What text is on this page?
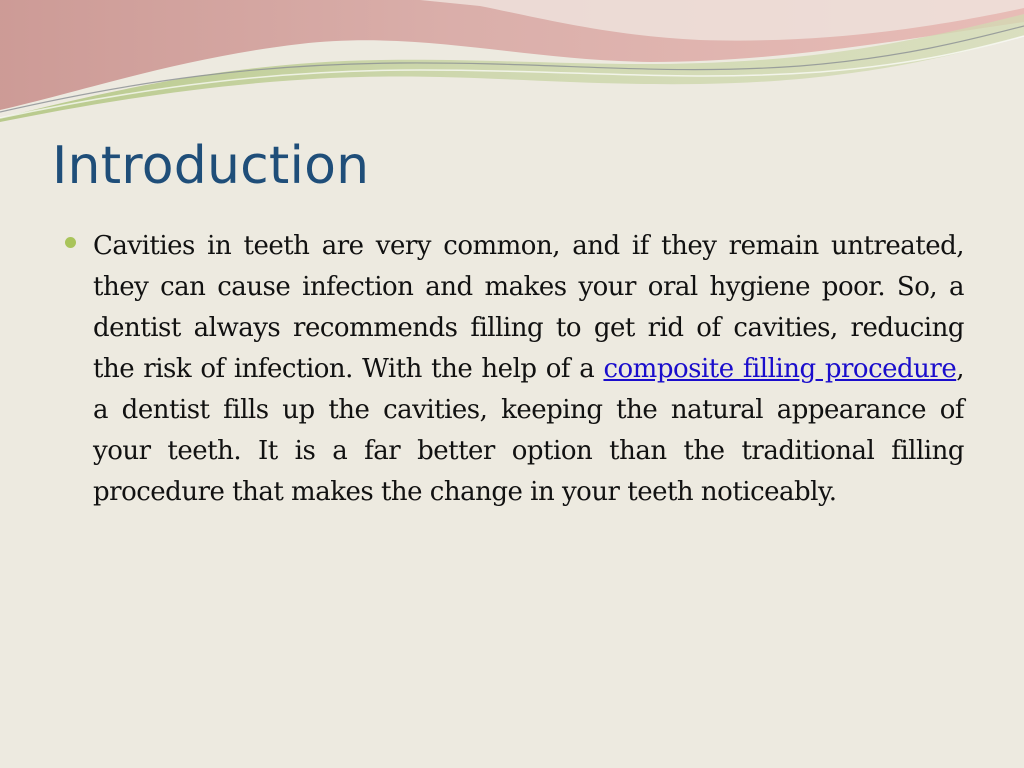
Introduction

Cavities in teeth are very common, and if they remain untreated, they can cause infection and makes your oral hygiene poor. So, a dentist always recommends filling to get rid of cavities, reducing the risk of infection. With the help of a composite filling procedure, a dentist fills up the cavities, keeping the natural appearance of your teeth. It is a far better option than the traditional filling procedure that makes the change in your teeth noticeably.
